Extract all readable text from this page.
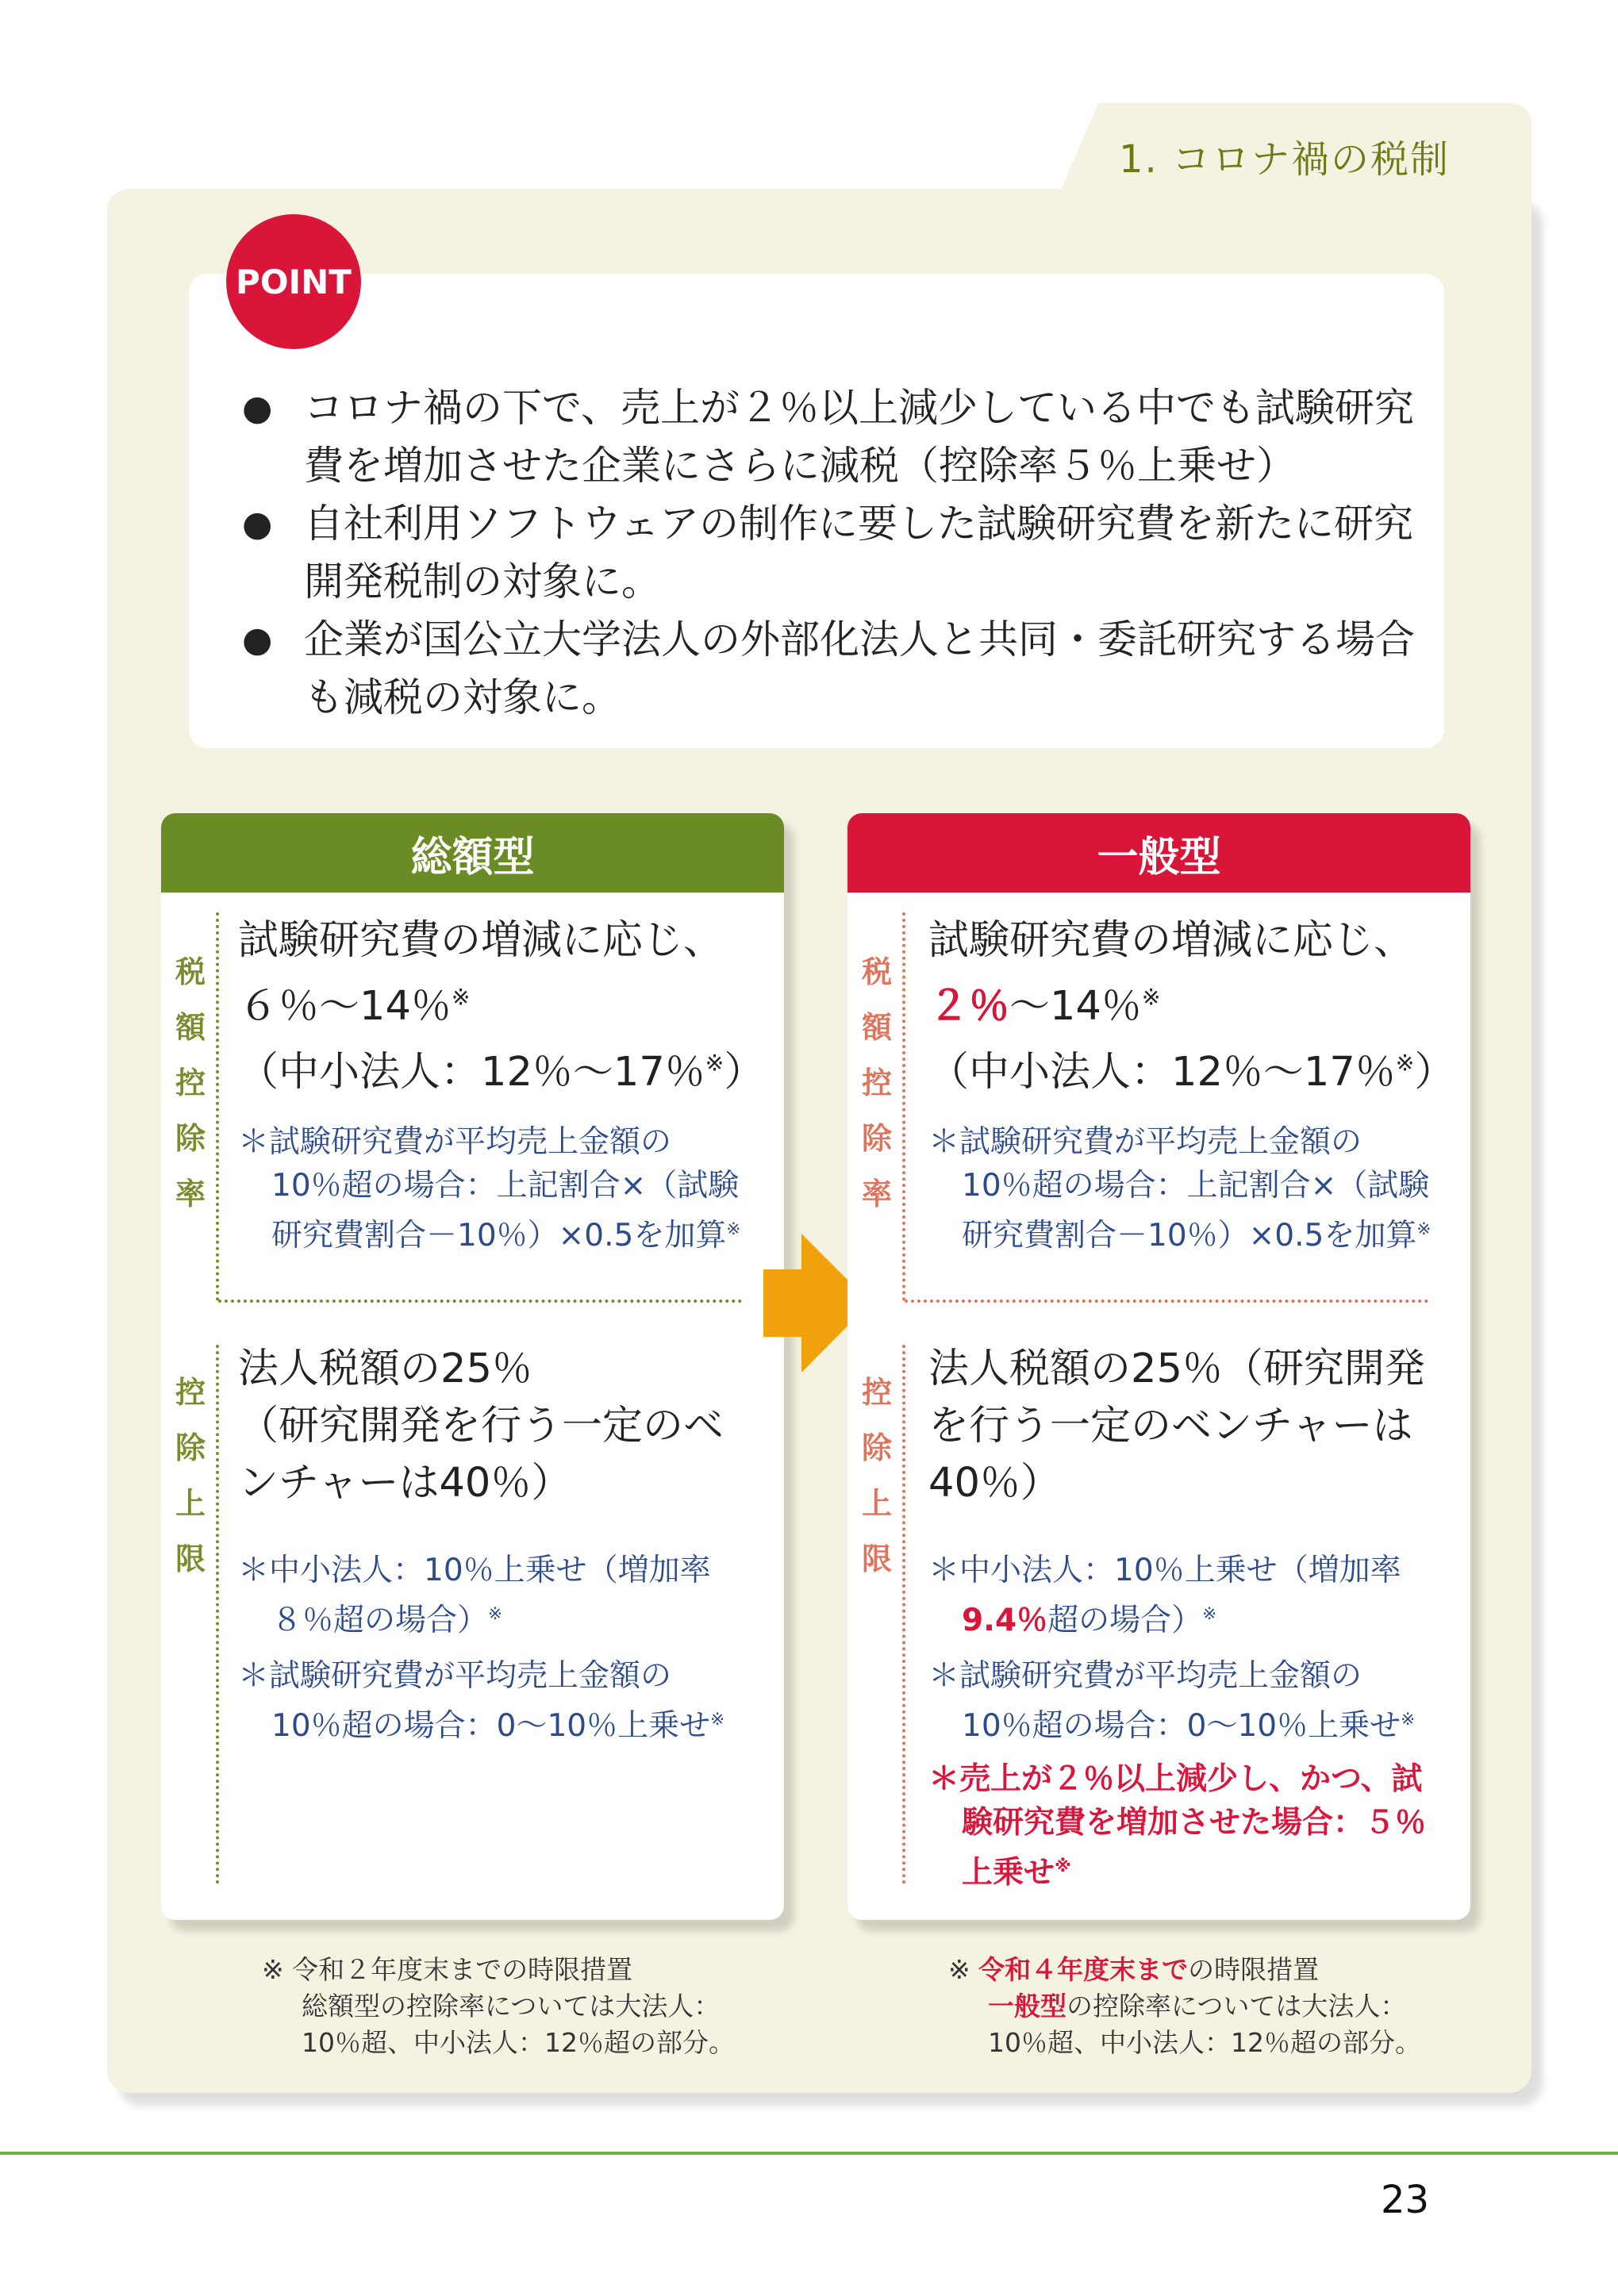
1. コロナ禍の税制
POINT
● コロナ禍の下で、売上が２％以上減少している中でも試験研究費を増加させた企業にさらに減税（控除率５％上乗せ）
● 自社利用ソフトウェアの制作に要した試験研究費を新たに研究開発税制の対象に。
● 企業が国公立大学法人の外部化法人と共同・委託研究する場合も減税の対象に。
総額型
税
額
控
除
率
試験研究費の増減に応じ、
６％～14％※
（中小法人：12％～17％※）
＊試験研究費が平均売上金額の
10％超の場合：上記割合×（試験
研究費割合－10％）×0.5を加算※
控
除
上
限
法人税額の25％
（研究開発を行う一定のベ
ンチャーは40％）
＊中小法人：10％上乗せ（増加率
８％超の場合）※
＊試験研究費が平均売上金額の
10％超の場合：0～10％上乗せ※
一般型
税
額
控
除
率
試験研究費の増減に応じ、
２％～14％※
（中小法人：12％～17％※）
＊試験研究費が平均売上金額の
10％超の場合：上記割合×（試験
研究費割合－10％）×0.5を加算※
控
除
上
限
法人税額の25％（研究開発
を行う一定のベンチャーは
40％）
＊中小法人：10％上乗せ（増加率
9.4％超の場合）※
＊試験研究費が平均売上金額の
10％超の場合：0～10％上乗せ※
＊売上が２％以上減少し、かつ、試
験研究費を増加させた場合：５％
上乗せ※
※ 令和２年度末までの時限措置
総額型の控除率については大法人：
10％超、中小法人：12％超の部分。
※ 令和４年度末までの時限措置
一般型の控除率については大法人：
10％超、中小法人：12％超の部分。
23
